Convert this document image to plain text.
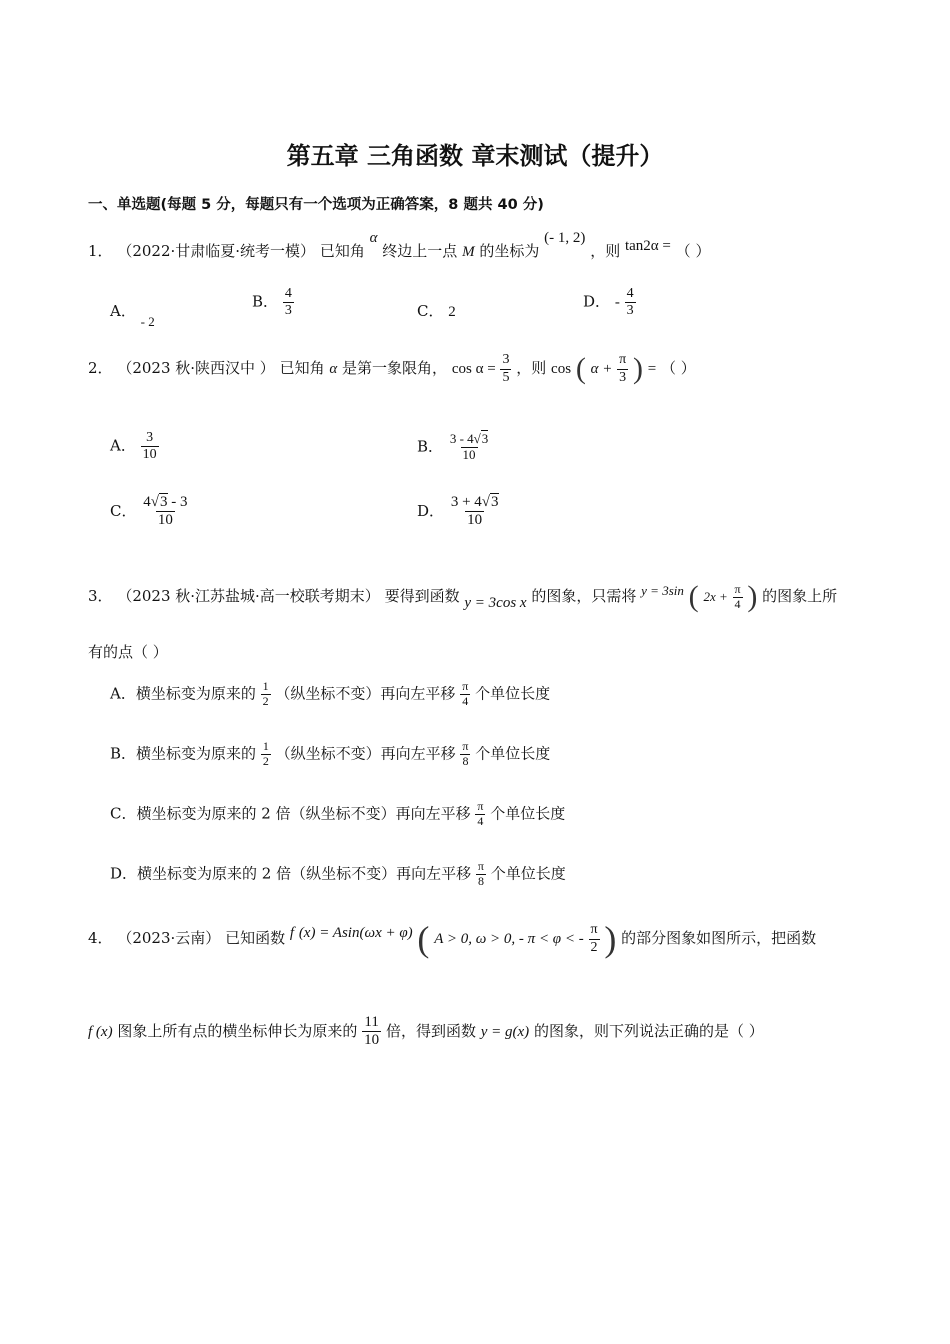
第五章 三角函数 章末测试（提升）
一、单选题(每题 5 分，每题只有一个选项为正确答案，8 题共 40 分)
1． （2022·甘肃临夏·统考一模） 已知角 α 终边上一点 M 的坐标为 (- 1, 2) ，则 tan2α = （ ）
A． - 2
B． $\frac{4}{3}$	C． 2
D． - $\frac{4}{3}$
2． （2023 秋·陕西汉中 ） 已知角 α 是第一象限角， $\cos \alpha = \frac{3}{5}$ ，则 cos ( $\alpha + \frac{\pi}{3}$ ) = （ ）
A． $\frac{3}{10}$	B． $\frac{3 - 4√3}{10}$
C． $\frac{4√3 - 3}{10}$	D． $\frac{3 + 4√3}{10}$
3． （2023 秋·江苏盐城·高一校联考期末） 要得到函数 y = 3cos x 的图象，只需将 y = 3sin ( $2x + \frac{\pi}{4}$ ) 的图象上所
有的点（ ）
A．横坐标变为原来的 $\frac{1}{2}$ （纵坐标不变）再向左平移 $\frac{\pi}{4}$ 个单位长度
B．横坐标变为原来的 $\frac{1}{2}$ （纵坐标不变）再向左平移 $\frac{\pi}{8}$ 个单位长度
C．横坐标变为原来的 2 倍（纵坐标不变）再向左平移 $\frac{\pi}{4}$ 个单位长度
D．横坐标变为原来的 2 倍（纵坐标不变）再向左平移 $\frac{\pi}{8}$ 个单位长度
4． （2023·云南） 已知函数 f (x) = Asin(ωx + φ) ( A > 0, ω > 0, - π < φ < - $\frac{\pi}{2}$ ) 的部分图象如图所示，把函数
f (x) 图象上所有点的横坐标伸长为原来的 $\frac{11}{10}$ 倍，得到函数 y = g(x) 的图象，则下列说法正确的是（ ）
